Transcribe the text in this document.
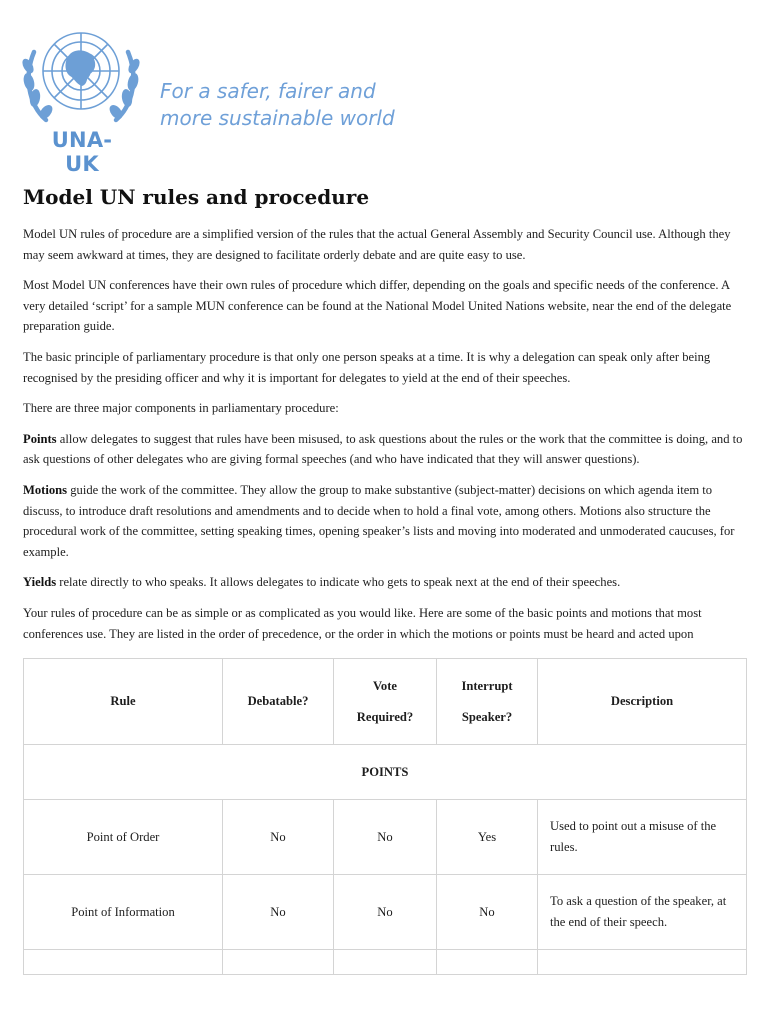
UNA-UK
For a safer, fairer and
more sustainable world
Model UN rules and procedure

Model UN rules of procedure are a simplified version of the rules that the actual General Assembly and Security Council use. Although they may seem awkward at times, they are designed to facilitate orderly debate and are quite easy to use.

Most Model UN conferences have their own rules of procedure which differ, depending on the goals and specific needs of the conference. A very detailed ‘script’ for a sample MUN conference can be found at the National Model United Nations website, near the end of the delegate preparation guide.

The basic principle of parliamentary procedure is that only one person speaks at a time. It is why a delegation can speak only after being recognised by the presiding officer and why it is important for delegates to yield at the end of their speeches.

There are three major components in parliamentary procedure:

Points allow delegates to suggest that rules have been misused, to ask questions about the rules or the work that the committee is doing, and to ask questions of other delegates who are giving formal speeches (and who have indicated that they will answer questions).

Motions guide the work of the committee. They allow the group to make substantive (subject-matter) decisions on which agenda item to discuss, to introduce draft resolutions and amendments and to decide when to hold a final vote, among others. Motions also structure the procedural work of the committee, setting speaking times, opening speaker’s lists and moving into moderated and unmoderated caucuses, for example.

Yields relate directly to who speaks. It allows delegates to indicate who gets to speak next at the end of their speeches.

Your rules of procedure can be as simple or as complicated as you would like. Here are some of the basic points and motions that most conferences use. They are listed in the order of precedence, or the order in which the motions or points must be heard and acted upon

Rule	Debatable?	Vote Required?	Interrupt Speaker?	Description
POINTS				
Point of Order	No	No	Yes	Used to point out a misuse of the rules.
Point of Information	No	No	No	To ask a question of the speaker, at the end of their speech.
